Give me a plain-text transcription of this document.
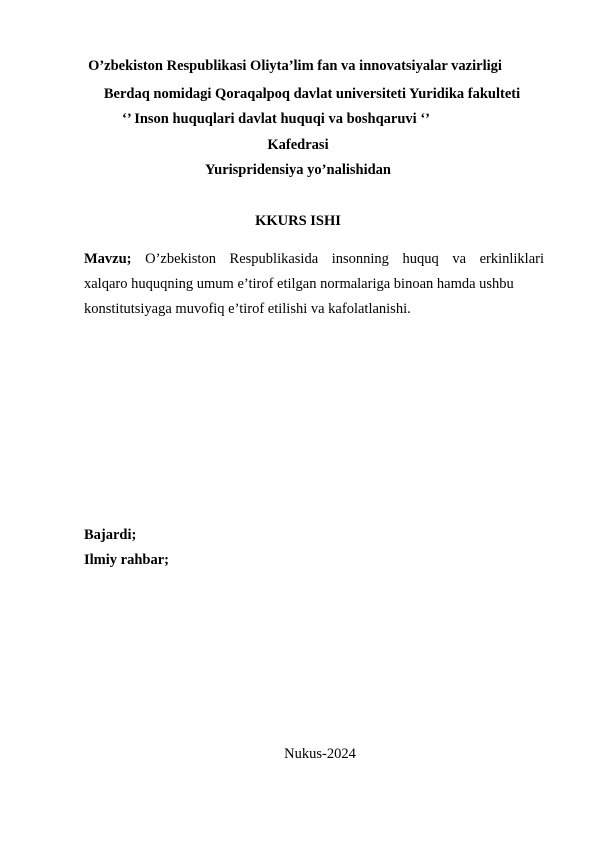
O’zbekiston Respublikasi Oliyta’lim fan va innovatsiyalar vazirligi
Berdaq nomidagi Qoraqalpoq davlat universiteti Yuridika fakulteti
‘’ Inson huquqlari davlat huquqi va boshqaruvi ‘’
Kafedrasi
Yurispridensiya yo’nalishidan
KKURS ISHI

Mavzu; O’zbekiston Respublikasida insonning huquq va erkinliklari

xalqaro huquqning umum e’tirof etilgan normalariga binoan hamda ushbu

konstitutsiyaga muvofiq e’tirof etilishi va kafolatlanishi.

Bajardi;
Ilmiy rahbar;
Nukus-2024
